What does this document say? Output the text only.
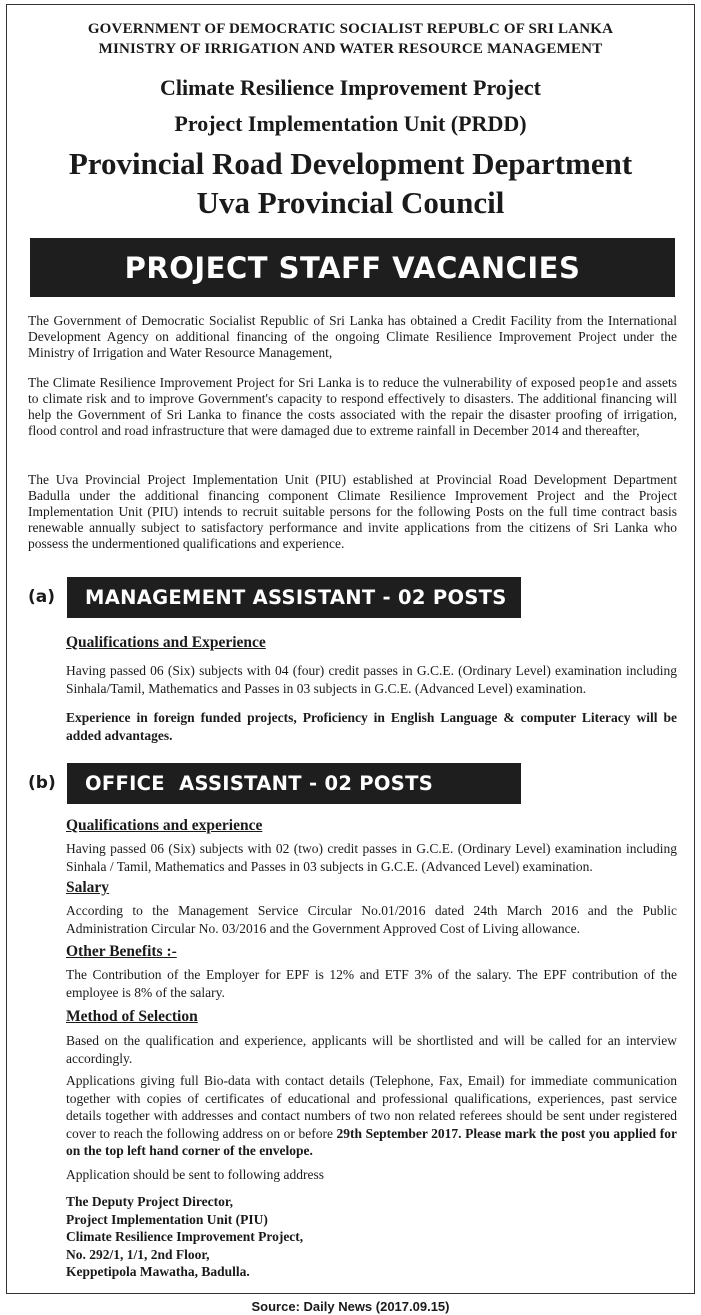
GOVERNMENT OF DEMOCRATIC SOCIALIST REPUBLC OF SRI LANKA
MINISTRY OF IRRIGATION AND WATER RESOURCE MANAGEMENT
Climate Resilience Improvement Project
Project Implementation Unit (PRDD)
Provincial Road Development Department
Uva Provincial Council
PROJECT STAFF VACANCIES
The Government of Democratic Socialist Republic of Sri Lanka has obtained a Credit Facility from the International Development Agency on additional financing of the ongoing Climate Resilience Improvement Project under the Ministry of Irrigation and Water Resource Management,
The Climate Resilience Improvement Project for Sri Lanka is to reduce the vulnerability of exposed peop1e and assets to climate risk and to improve Government's capacity to respond effectively to disasters. The additional financing will help the Government of Sri Lanka to finance the costs associated with the repair the disaster proofing of irrigation, flood control and road infrastructure that were damaged due to extreme rainfall in December 2014 and thereafter,
The Uva Provincial Project Implementation Unit (PIU) established at Provincial Road Development Department Badulla under the additional financing component Climate Resilience Improvement Project and the Project Implementation Unit (PIU) intends to recruit suitable persons for the following Posts on the full time contract basis renewable annually subject to satisfactory performance and invite applications from the citizens of Sri Lanka who possess the undermentioned qualifications and experience.
(a)	MANAGEMENT ASSISTANT - 02 POSTS
Qualifications and Experience
Having passed 06 (Six) subjects with 04 (four) credit passes in G.C.E. (Ordinary Level) examination including Sinhala/Tamil, Mathematics and Passes in 03 subjects in G.C.E. (Advanced Level) examination.
Experience in foreign funded projects, Proficiency in English Language & computer Literacy will be added advantages.
(b)	OFFICE  ASSISTANT - 02 POSTS
Qualifications and experience
Having passed 06 (Six) subjects with 02 (two) credit passes in G.C.E. (Ordinary Level) examination including Sinhala / Tamil, Mathematics and Passes in 03 subjects in G.C.E. (Advanced Level) examination.
Salary
According to the Management Service Circular No.01/2016 dated 24th March 2016 and the Public Administration Circular No. 03/2016 and the Government Approved Cost of Living allowance.
Other Benefits :-
The Contribution of the Employer for EPF is 12% and ETF 3% of the salary. The EPF contribution of the employee is 8% of the salary.
Method of Selection
Based on the qualification and experience, applicants will be shortlisted and will be called for an interview accordingly.
Applications giving full Bio-data with contact details (Telephone, Fax, Email) for immediate communication together with copies of certificates of educational and professional qualifications, experiences, past service details together with addresses and contact numbers of two non related referees should be sent under registered cover to reach the following address on or before 29th September 2017. Please mark the post you applied for on the top left hand corner of the envelope.
Application should be sent to following address
The Deputy Project Director,
Project Implementation Unit (PIU)
Climate Resilience Improvement Project,
No. 292/1, 1/1, 2nd Floor,
Keppetipola Mawatha, Badulla.
Source: Daily News (2017.09.15)
